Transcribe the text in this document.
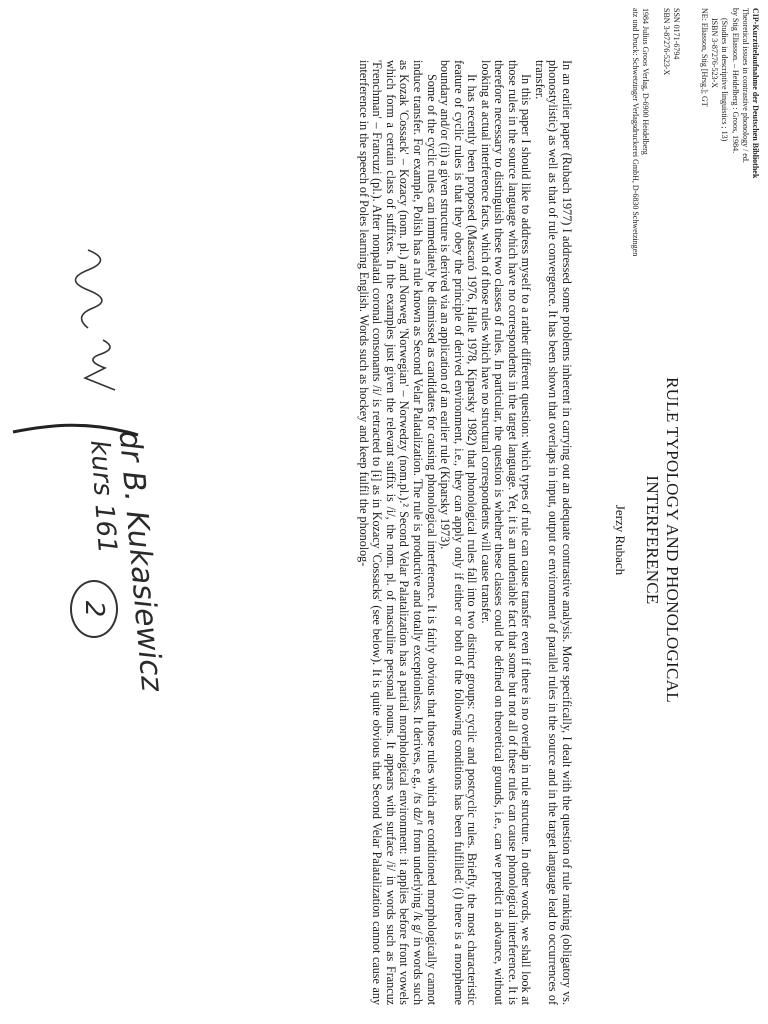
dr B. Kukasiewicz
kurs 161
2	RULE TYPOLOGY AND PHONOLOGICAL
INTERFERENCE
Jerzy Rubach

In an earlier paper (Rubach 1977) I addressed some problems inherent in carrying out an adequate contrastive analysis. More specifically, I dealt with the question of rule ranking (obligatory vs. phonostylistic) as well as that of rule convergence. It has been shown that overlaps in input, output or environment of parallel rules in the source and in the target language lead to occurrences of transfer.

In this paper I should like to address myself to a rather different question: which types of rule can cause transfer even if there is no overlap in rule structure. In other words, we shall look at those rules in the source language which have no correspondents in the target language. Yet, it is an undeniable fact that some but not all of these rules can cause phonological interference. It is therefore necessary to distinguish these two classes of rules. In particular, the question is whether these classes could be defined on theoretical grounds, i.e., can we predict in advance, without looking at actual interference facts, which of those rules which have no structural correspondents will cause transfer.

It has recently been proposed (Mascaró 1976, Halle 1978, Kiparsky 1982) that phonological rules fall into two distinct groups: cyclic and postcyclic rules. Briefly, the most characteristic feature of cyclic rules is that they obey the principle of derived environment, i.e., they can apply only if either or both of the following conditions has been fulfilled: (i) there is a morpheme boundary and/or (ii) a given structure is derived via an application of an earlier rule (Kiparsky 1973).

Some of the cyclic rules can immediately be dismissed as candidates for causing phonological interference. It is fairly obvious that those rules which are conditioned morphologically cannot induce transfer. For example, Polish has a rule known as Second Velar Palatalization. The rule is productive and totally exceptionless. It derives, e.g., /ts dz/¹ from underlying /k g/ in words such as Kozak 'Cossack' – Kozacy (nom. pl.) and Norweg 'Norwegian' – Norwedzy (nom.pl.).² Second Velar Palatalization has a partial morphological environment: it applies before front vowels which form a certain class of suffixes. In the examples just given the relevant suffix is /i/, the nom. pl. of masculine personal nouns. It appears with surface /i/ in words such as Francuz 'Frenchman' – Francuzi (pl.). After nonpalatal coronal consonants /i/ is retracted to [ɨ] as in Kozacy 'Cossacks' (see below). It is quite obvious that Second Velar Palatalization cannot cause any interference in the speech of Poles learning English. Words such as hockey and keep fulfil the phonolog-	CIP-Kurztitelaufnahme der Deutschen Bibliothek
Theoretical issues in contrastive phonology / ed.
by Stig Eliasson. – Heidelberg : Groos, 1984.
(Studies in descriptive linguistics ; 13)
ISBN 3-87276-523-X
NE: Eliasson, Stig [Hrsg.]; GT
SSN 0171-6794
SBN 3-87276-523-X
1984 Julius Groos Verlag, D-6900 Heidelberg
atz und Druck: Schwetzinger Verlagsdruckerei GmbH, D-6830 Schwetzingen
